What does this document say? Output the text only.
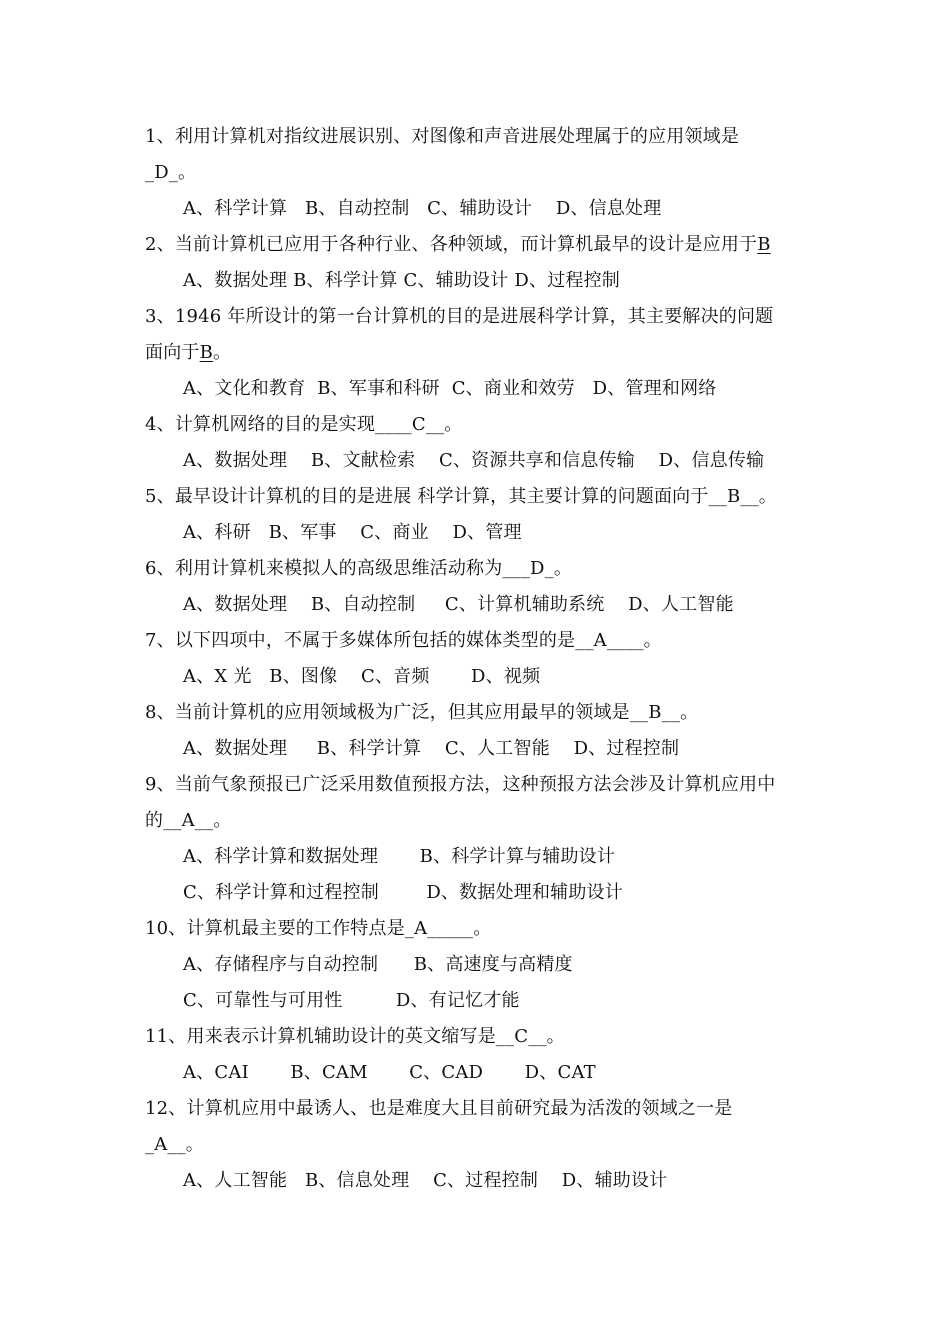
1、利用计算机对指纹进展识别、对图像和声音进展处理属于的应用领域是
_D_。
A、科学计算   B、自动控制   C、辅助设计    D、信息处理
2、当前计算机已应用于各种行业、各种领域，而计算机最早的设计是应用于B
A、数据处理 B、科学计算 C、辅助设计 D、过程控制
3、1946 年所设计的第一台计算机的目的是进展科学计算，其主要解决的问题
面向于B。
A、文化和教育  B、军事和科研  C、商业和效劳   D、管理和网络
4、计算机网络的目的是实现____C__。
A、数据处理    B、文献检索    C、资源共享和信息传输    D、信息传输
5、最早设计计算机的目的是进展 科学计算，其主要计算的问题面向于__B__。
A、科研   B、军事    C、商业    D、管理
6、利用计算机来模拟人的高级思维活动称为___D_。
A、数据处理    B、自动控制     C、计算机辅助系统    D、人工智能
7、以下四项中，不属于多媒体所包括的媒体类型的是__A____。
A、X 光   B、图像    C、音频       D、视频
8、当前计算机的应用领域极为广泛，但其应用最早的领域是__B__。
A、数据处理     B、科学计算    C、人工智能    D、过程控制
9、当前气象预报已广泛采用数值预报方法，这种预报方法会涉及计算机应用中
的__A__。
A、科学计算和数据处理       B、科学计算与辅助设计
C、科学计算和过程控制        D、数据处理和辅助设计
10、计算机最主要的工作特点是_A_____。
A、存储程序与自动控制      B、高速度与高精度
C、可靠性与可用性         D、有记忆才能
11、用来表示计算机辅助设计的英文缩写是__C__。
A、CAI       B、CAM       C、CAD       D、CAT
12、计算机应用中最诱人、也是难度大且目前研究最为活泼的领域之一是
_A__。
A、人工智能   B、信息处理    C、过程控制    D、辅助设计
